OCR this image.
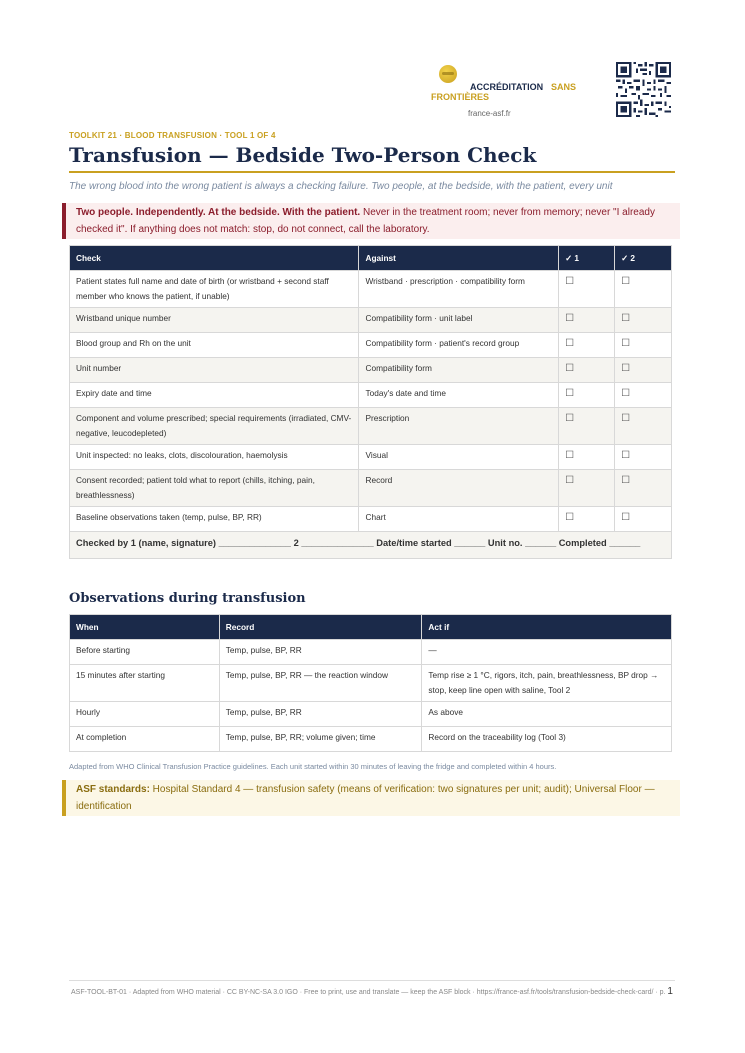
ACCRÉDITATION SANS
FRONTIÈRES
france-asf.fr
TOOLKIT 21 · BLOOD TRANSFUSION · TOOL 1 OF 4
Transfusion — Bedside Two-Person Check
The wrong blood into the wrong patient is always a checking failure. Two people, at the bedside, with the patient, every unit
Two people. Independently. At the bedside. With the patient. Never in the treatment room; never from memory; never "I already checked it". If anything does not match: stop, do not connect, call the laboratory.
Check	Against	✓ 1	✓ 2
Patient states full name and date of birth (or wristband + second staff member who knows the patient, if unable)	Wristband · prescription · compatibility form	☐	☐
Wristband unique number	Compatibility form · unit label	☐	☐
Blood group and Rh on the unit	Compatibility form · patient's record group	☐	☐
Unit number	Compatibility form	☐	☐
Expiry date and time	Today's date and time	☐	☐
Component and volume prescribed; special requirements (irradiated, CMV-negative, leucodepleted)	Prescription	☐	☐
Unit inspected: no leaks, clots, discolouration, haemolysis	Visual	☐	☐
Consent recorded; patient told what to report (chills, itching, pain, breathlessness)	Record	☐	☐
Baseline observations taken (temp, pulse, BP, RR)	Chart	☐	☐
Checked by 1 (name, signature) ______________ 2 ______________ Date/time started ______ Unit no. ______ Completed ______			
Observations during transfusion
When	Record	Act if
Before starting	Temp, pulse, BP, RR	—
15 minutes after starting	Temp, pulse, BP, RR — the reaction window	Temp rise ≥ 1 °C, rigors, itch, pain, breathlessness, BP drop → stop, keep line open with saline, Tool 2
Hourly	Temp, pulse, BP, RR	As above
At completion	Temp, pulse, BP, RR; volume given; time	Record on the traceability log (Tool 3)
Adapted from WHO Clinical Transfusion Practice guidelines. Each unit started within 30 minutes of leaving the fridge and completed within 4 hours.
ASF standards: Hospital Standard 4 — transfusion safety (means of verification: two signatures per unit; audit); Universal Floor — identification
ASF-TOOL-BT-01 · Adapted from WHO material · CC BY-NC-SA 3.0 IGO · Free to print, use and translate — keep the ASF block · https://france-asf.fr/tools/transfusion-bedside-check-card/ · p. 1
